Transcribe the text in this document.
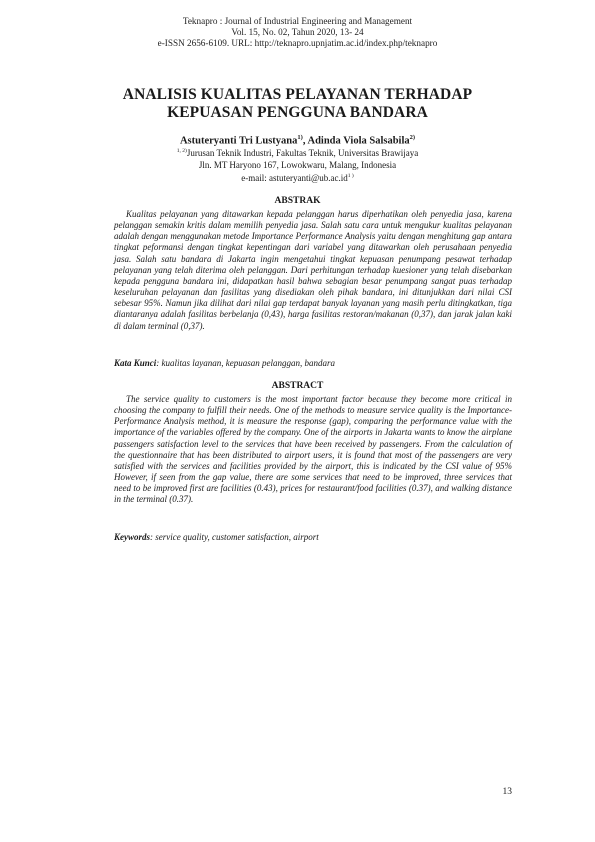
Teknapro : Journal of Industrial Engineering and Management
Vol. 15, No. 02, Tahun 2020, 13- 24
e-ISSN 2656-6109. URL: http://teknapro.upnjatim.ac.id/index.php/teknapro
ANALISIS KUALITAS PELAYANAN TERHADAP
KEPUASAN PENGGUNA BANDARA
Astuteryanti Tri Lustyana$^{1)}$, Adinda Viola Salsabila$^{2)}$
$^{1, 2)}$Jurusan Teknik Industri, Fakultas Teknik, Universitas Brawijaya
Jln. MT Haryono 167, Lowokwaru, Malang, Indonesia
e-mail: $astuteryanti@ub.ac.id^{1 )}$
ABSTRAK
Kualitas pelayanan yang ditawarkan kepada pelanggan harus diperhatikan oleh penyedia jasa, karena pelanggan semakin kritis dalam memilih penyedia jasa. Salah satu cara untuk mengukur kualitas pelayanan adalah dengan menggunakan metode Importance Performance Analysis yaitu dengan menghitung gap antara tingkat peformansi dengan tingkat kepentingan dari variabel yang ditawarkan oleh perusahaan penyedia jasa. Salah satu bandara di Jakarta ingin mengetahui tingkat kepuasan penumpang pesawat terhadap pelayanan yang telah diterima oleh pelanggan. Dari perhitungan terhadap kuesioner yang telah disebarkan kepada pengguna bandara ini, didapatkan hasil bahwa sebagian besar penumpang sangat puas terhadap keseluruhan pelayanan dan fasilitas yang disediakan oleh pihak bandara, ini ditunjukkan dari nilai CSI sebesar 95%. Namun jika dilihat dari nilai gap terdapat banyak layanan yang masih perlu ditingkatkan, tiga diantaranya adalah fasilitas berbelanja (0,43), harga fasilitas restoran/makanan (0,37), dan jarak jalan kaki di dalam terminal (0,37).
Kata Kunci: kualitas layanan, kepuasan pelanggan, bandara
ABSTRACT
The service quality to customers is the most important factor because they become more critical in choosing the company to fulfill their needs. One of the methods to measure service quality is the Importance-Performance Analysis method, it is measure the response (gap), comparing the performance value with the importance of the variables offered by the company. One of the airports in Jakarta wants to know the airplane passengers satisfaction level to the services that have been received by passengers. From the calculation of the questionnaire that has been distributed to airport users, it is found that most of the passengers are very satisfied with the services and facilities provided by the airport, this is indicated by the CSI value of 95% However, if seen from the gap value, there are some services that need to be improved, three services that need to be improved first are facilities (0.43), prices for restaurant/food facilities (0.37), and walking distance in the terminal (0.37).
Keywords: service quality, customer satisfaction, airport
13
